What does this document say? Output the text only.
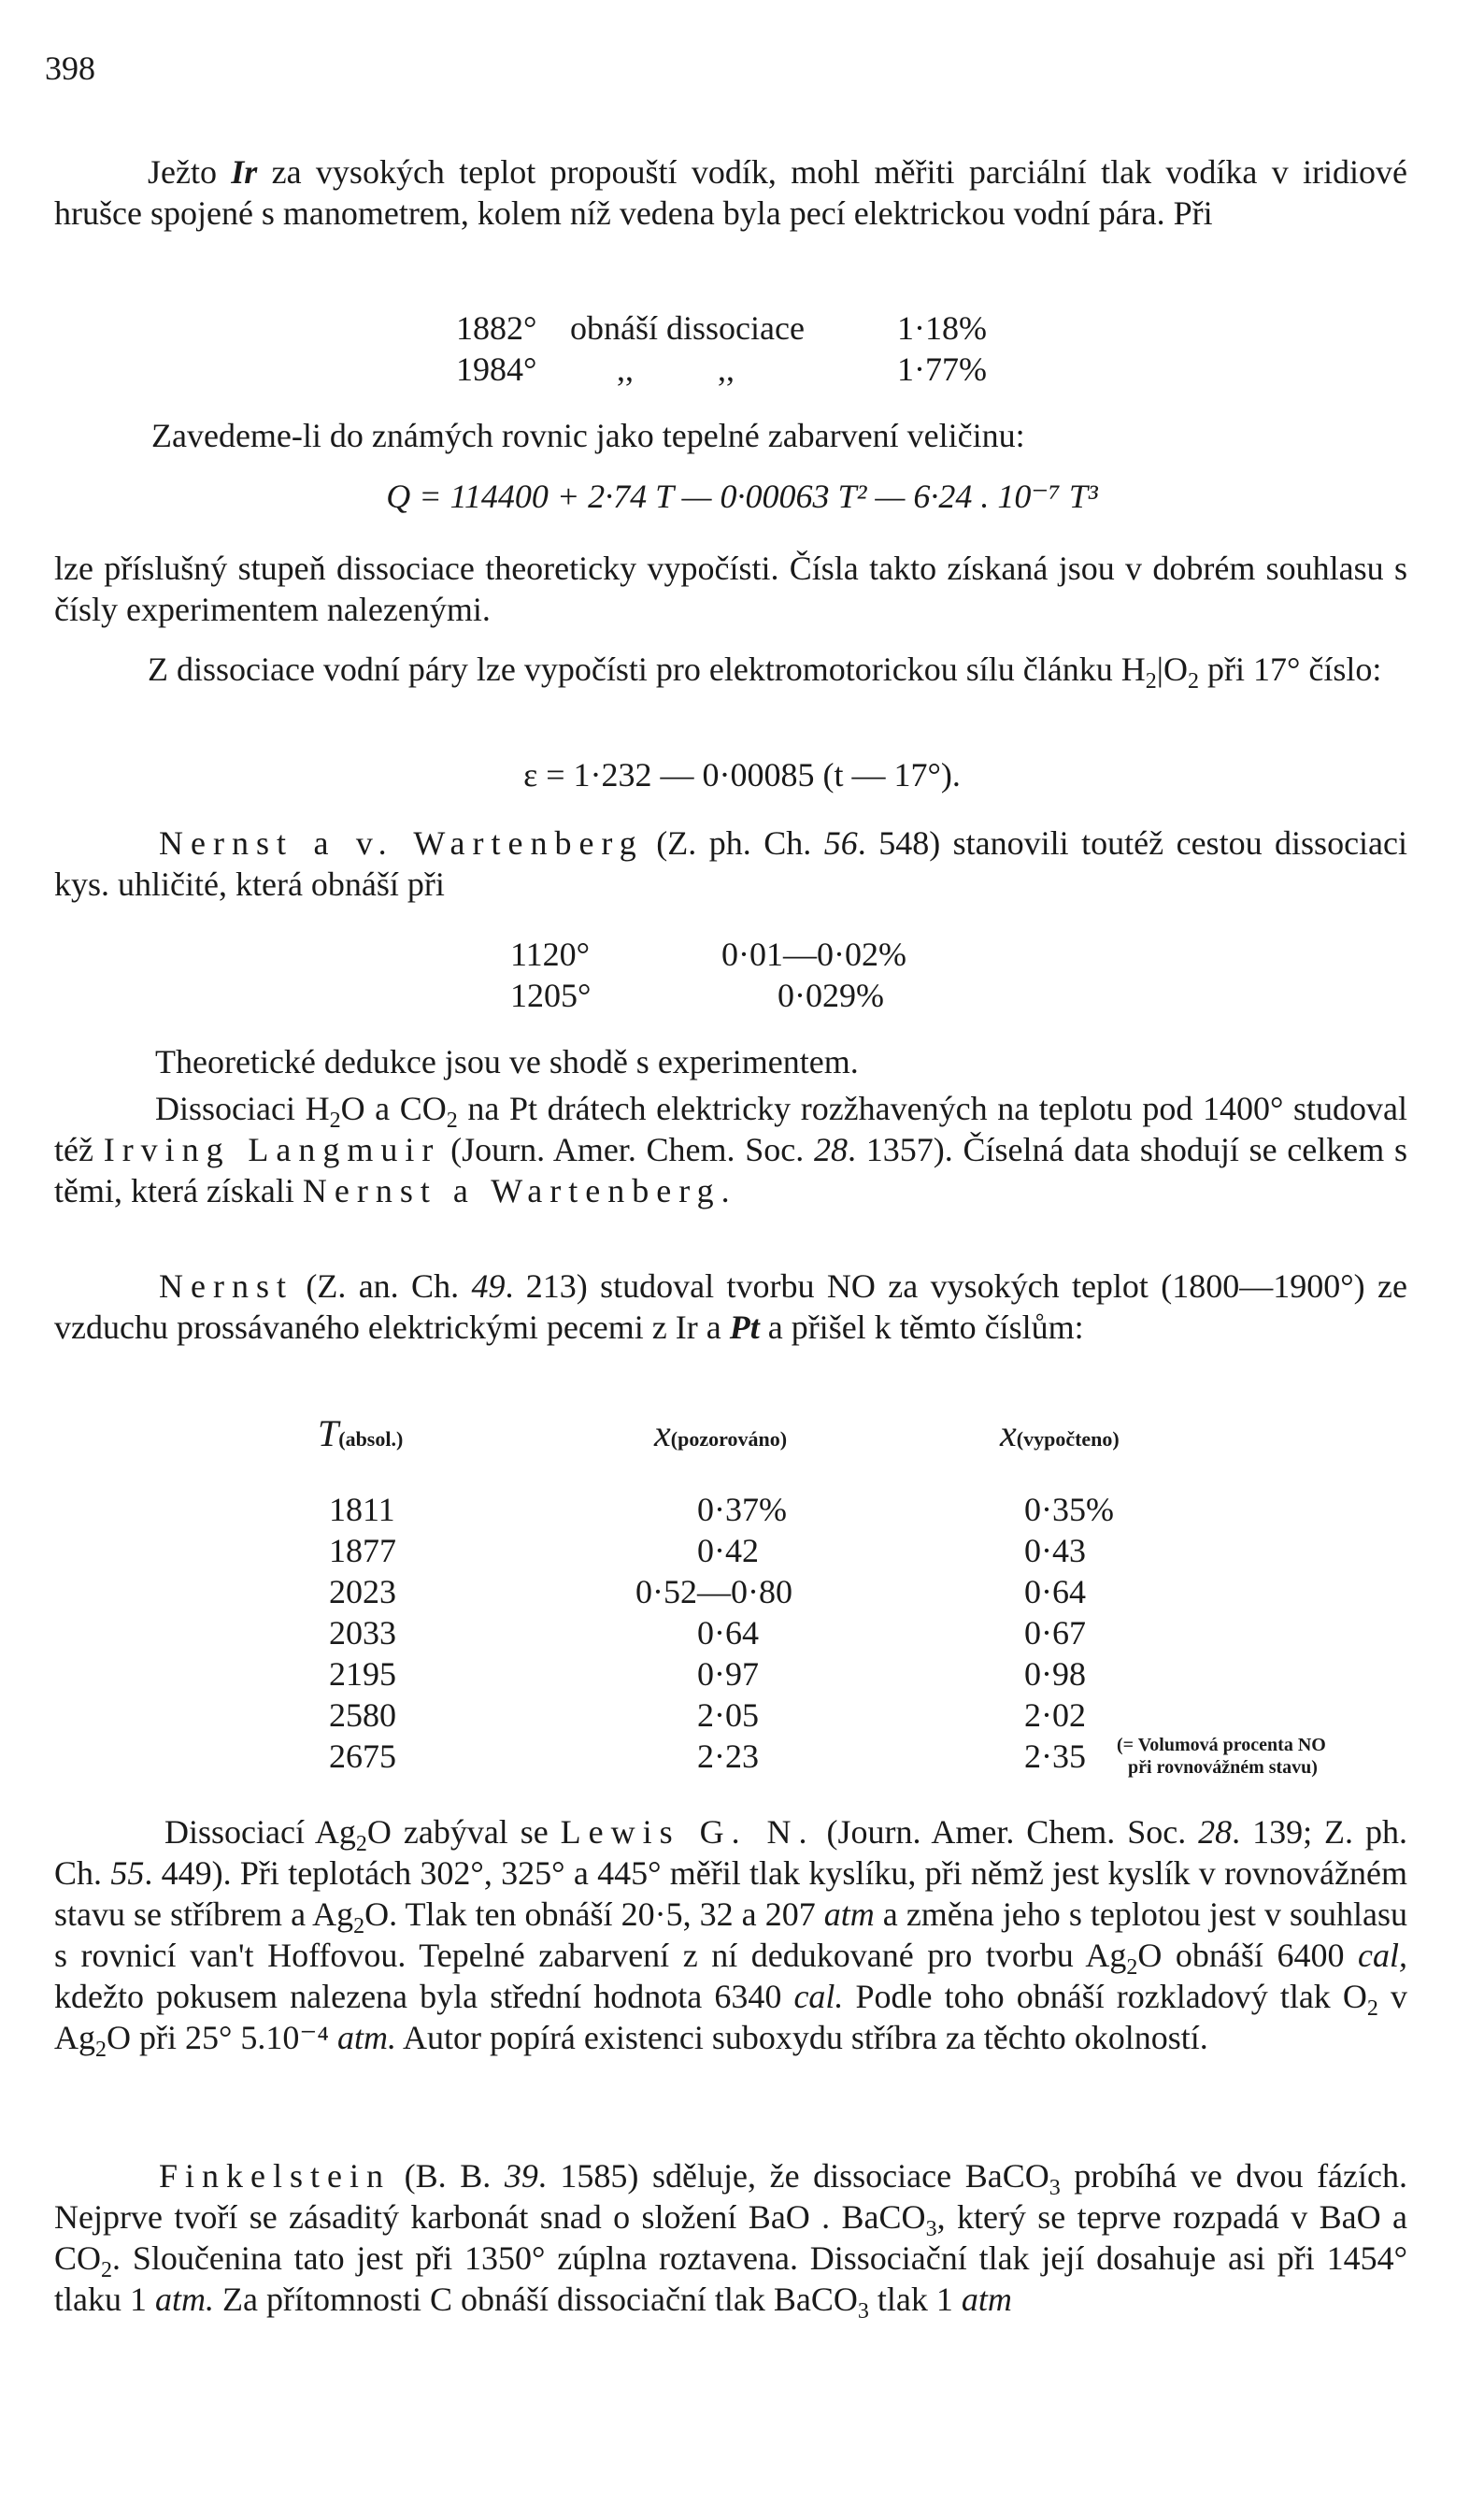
398

Ježto Ir za vysokých teplot propouští vodík, mohl měřiti parciální tlak vodíka v iridiové hrušce spojené s manometrem, kolem níž vedena byla pecí elektrickou vodní pára. Při

1882° obnáší dissociace	1·18%
1984° ,,          ,,	1·77%

Zavedeme-li do známých rovnic jako tepelné zabarvení veličinu:

Q = 114400 + 2·74 T — 0·00063 T² — 6·24 . 10⁻⁷ T³

lze příslušný stupeň dissociace theoreticky vypočísti. Čísla takto získaná jsou v dobrém souhlasu s čísly experimentem nalezenými.

Z dissociace vodní páry lze vypočísti pro elektromotorickou sílu článku $H_2|O_2$ při 17° číslo:

ε = 1·232 — 0·00085 (t — 17°).

Nernst a v. Wartenberg (Z. ph. Ch. 56. 548) stanovili toutéž cestou dissociaci kys. uhličité, která obnáší při

1120°	0·01—0·02%
1205°	0·029%

Theoretické dedukce jsou ve shodě s experimentem.

Dissociaci $H_2O$ a $CO_2$ na Pt drátech elektricky rozžhavených na teplotu pod 1400° studoval též Irving Langmuir (Journ. Amer. Chem. Soc. 28. 1357). Číselná data shodují se celkem s těmi, která získali Nernst a Wartenberg.

Nernst (Z. an. Ch. 49. 213) studoval tvorbu NO za vysokých teplot (1800—1900°) ze vzduchu prossávaného elektrickými pecemi z Ir a Pt a přišel k těmto číslům:

T(absol.)	x(pozorováno)	x(vypočteno)
1811	0·37%	0·35%
1877	0·42	0·43
2023	0·52—0·80	0·64
2033	0·64	0·67
2195	0·97	0·98
2580	2·05	2·02
2675	2·23	2·35 (= Volumová procenta NO
při rovnovážném stavu)

Dissociací $Ag_2O$ zabýval se Lewis G. N. (Journ. Amer. Chem. Soc. 28. 139; Z. ph. Ch. 55. 449). Při teplotách 302°, 325° a 445° měřil tlak kyslíku, při němž jest kyslík v rovnovážném stavu se stříbrem a $Ag_2O$. Tlak ten obnáší 20·5, 32 a 207 atm a změna jeho s teplotou jest v souhlasu s rovnicí van't Hoffovou. Tepelné zabarvení z ní dedukované pro tvorbu $Ag_2O$ obnáší 6400 cal, kdežto pokusem nalezena byla střední hodnota 6340 cal. Podle toho obnáší rozkladový tlak $O_2$ v $Ag_2O$ při 25° 5.10⁻⁴ atm. Autor popírá existenci suboxydu stříbra za těchto okolností.

Finkelstein (B. B. 39. 1585) sděluje, že dissociace BaCO$_3$ probíhá ve dvou fázích. Nejprve tvoří se zásaditý karbonát snad o složení BaO . BaCO$_3$, který se teprve rozpadá v BaO a $CO_2$. Sloučenina tato jest při 1350° zúplna roztavena. Dissociační tlak její dosahuje asi při 1454° tlaku 1 atm. Za přítomnosti C obnáší dissociační tlak BaCO$_3$ tlak 1 atm
